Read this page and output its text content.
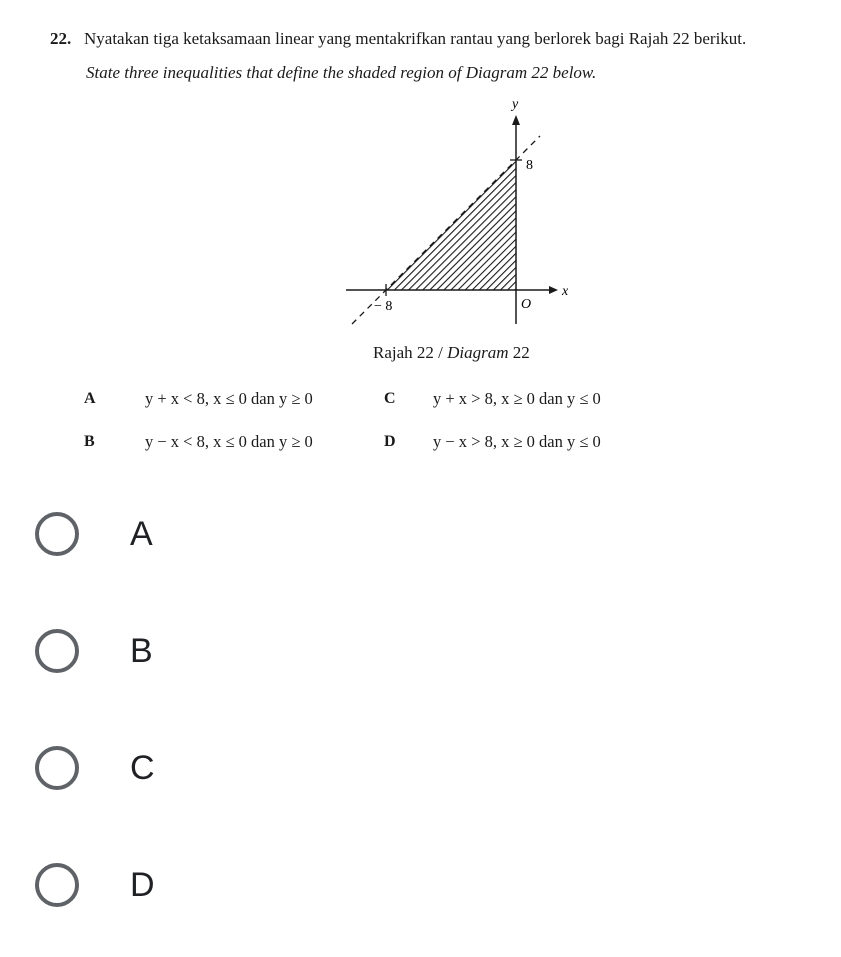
22. Nyatakan tiga ketaksamaan linear yang mentakrifkan rantau yang berlorek bagi Rajah 22 berikut.
State three inequalities that define the shaded region of Diagram 22 below.
y
x
O
8
− 8
Rajah 22 / Diagram 22
A	y + x < 8, x ≤ 0 dan y ≥ 0	C y + x > 8, x ≥ 0 dan y ≤ 0
B	y − x < 8, x ≤ 0 dan y ≥ 0	D y − x > 8, x ≥ 0 dan y ≤ 0
A
B
C
D
